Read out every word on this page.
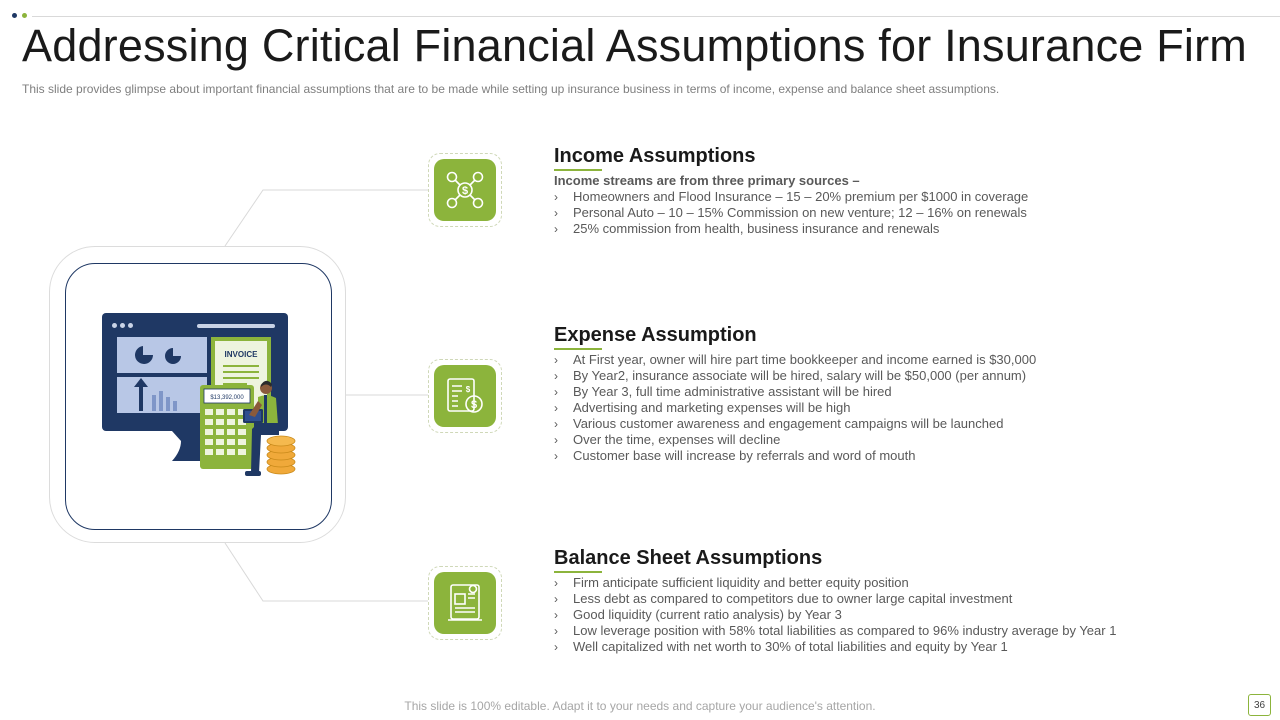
Addressing Critical Financial Assumptions for Insurance Firm
This slide provides glimpse about important financial assumptions that are to be made while setting up insurance business in terms of income, expense and balance sheet assumptions.
INVOICE
$13,392,000
$
$
$
Income Assumptions
Income streams are from three primary sources –
› Homeowners and Flood Insurance – 15 – 20% premium per $1000 in coverage
› Personal Auto – 10 – 15% Commission on new venture; 12 – 16% on renewals
› 25% commission from health, business insurance and renewals
Expense Assumption
› At First year, owner will hire part time bookkeeper and income earned is $30,000
› By Year2, insurance associate will be hired, salary will be $50,000 (per annum)
› By Year 3, full time administrative assistant will be hired
› Advertising and marketing expenses will be high
› Various customer awareness and engagement campaigns will be launched
› Over the time, expenses will decline
› Customer base will increase by referrals and word of mouth
Balance Sheet Assumptions
› Firm anticipate sufficient liquidity and better equity position
› Less debt as compared to competitors due to owner large capital investment
› Good liquidity (current ratio analysis) by Year 3
› Low leverage position with 58% total liabilities as compared to 96% industry average by Year 1
› Well capitalized with net worth to 30% of total liabilities and equity by Year 1
This slide is 100% editable. Adapt it to your needs and capture your audience's attention.	36
